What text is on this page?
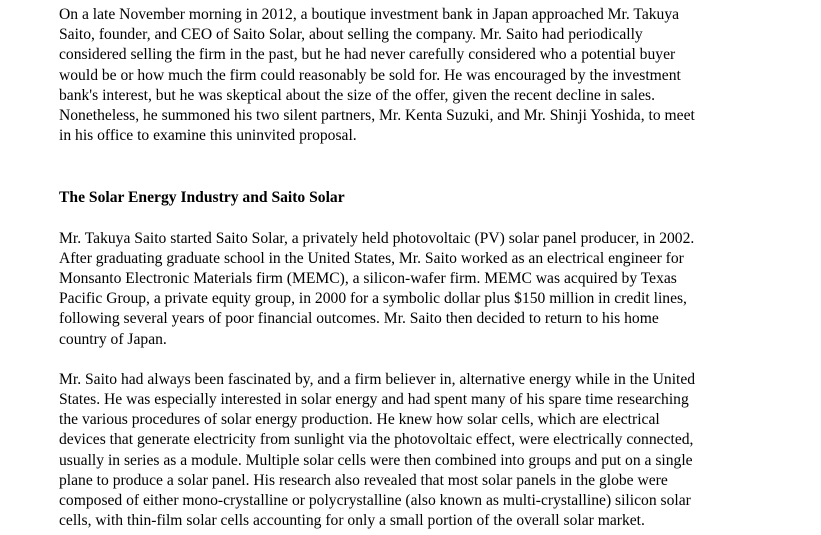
On a late November morning in 2012, a boutique investment bank in Japan approached Mr. Takuya
Saito, founder, and CEO of Saito Solar, about selling the company. Mr. Saito had periodically
considered selling the firm in the past, but he had never carefully considered who a potential buyer
would be or how much the firm could reasonably be sold for. He was encouraged by the investment
bank's interest, but he was skeptical about the size of the offer, given the recent decline in sales.
Nonetheless, he summoned his two silent partners, Mr. Kenta Suzuki, and Mr. Shinji Yoshida, to meet
in his office to examine this uninvited proposal.

The Solar Energy Industry and Saito Solar

Mr. Takuya Saito started Saito Solar, a privately held photovoltaic (PV) solar panel producer, in 2002.
After graduating graduate school in the United States, Mr. Saito worked as an electrical engineer for
Monsanto Electronic Materials firm (MEMC), a silicon-wafer firm. MEMC was acquired by Texas
Pacific Group, a private equity group, in 2000 for a symbolic dollar plus $150 million in credit lines,
following several years of poor financial outcomes. Mr. Saito then decided to return to his home
country of Japan.

Mr. Saito had always been fascinated by, and a firm believer in, alternative energy while in the United
States. He was especially interested in solar energy and had spent many of his spare time researching
the various procedures of solar energy production. He knew how solar cells, which are electrical
devices that generate electricity from sunlight via the photovoltaic effect, were electrically connected,
usually in series as a module. Multiple solar cells were then combined into groups and put on a single
plane to produce a solar panel. His research also revealed that most solar panels in the globe were
composed of either mono-crystalline or polycrystalline (also known as multi-crystalline) silicon solar
cells, with thin-film solar cells accounting for only a small portion of the overall solar market.
